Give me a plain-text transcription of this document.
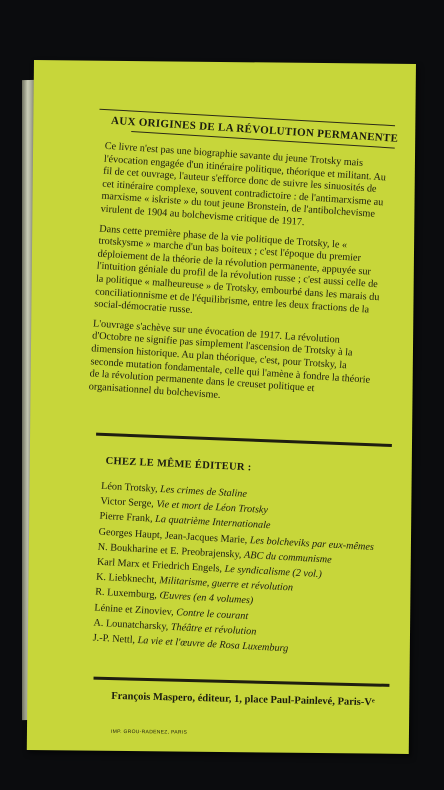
AUX ORIGINES DE LA RÉVOLUTION PERMANENTE

Ce livre n'est pas une biographie savante du jeune Trotsky mais l'évocation engagée d'un itinéraire politique, théorique et militant. Au fil de cet ouvrage, l'auteur s'efforce donc de suivre les sinuosités de cet itinéraire complexe, souvent contradictoire : de l'antimarxisme au marxisme « iskriste » du tout jeune Bronstein, de l'antibolchevisme virulent de 1904 au bolchevisme critique de 1917.

Dans cette première phase de la vie politique de Trotsky, le « trotskysme » marche d'un bas boiteux ; c'est l'époque du premier déploiement de la théorie de la révolution permanente, appuyée sur l'intuition géniale du profil de la révolution russe ; c'est aussi celle de la politique « malheureuse » de Trotsky, embourbé dans les marais du conciliationnisme et de l'équilibrisme, entre les deux fractions de la social-démocratie russe.

L'ouvrage s'achève sur une évocation de 1917. La révolution d'Octobre ne signifie pas simplement l'ascension de Trotsky à la dimension historique. Au plan théorique, c'est, pour Trotsky, la seconde mutation fondamentale, celle qui l'amène à fondre la théorie de la révolution permanente dans le creuset politique et organisationnel du bolchevisme.

CHEZ LE MÊME ÉDITEUR :
Léon Trotsky, Les crimes de Staline
Victor Serge, Vie et mort de Léon Trotsky
Pierre Frank, La quatrième Internationale
Georges Haupt, Jean-Jacques Marie, Les bolcheviks par eux-mêmes
N. Boukharine et E. Preobrajensky, ABC du communisme
Karl Marx et Friedrich Engels, Le syndicalisme (2 vol.)
K. Liebknecht, Militarisme, guerre et révolution
R. Luxemburg, Œuvres (en 4 volumes)
Lénine et Zinoviev, Contre le courant
A. Lounatcharsky, Théâtre et révolution
J.-P. Nettl, La vie et l'œuvre de Rosa Luxemburg
François Maspero, éditeur, 1, place Paul-Painlevé, Paris-Vᵉ
IMP. GROU-RADENEZ, PARIS
